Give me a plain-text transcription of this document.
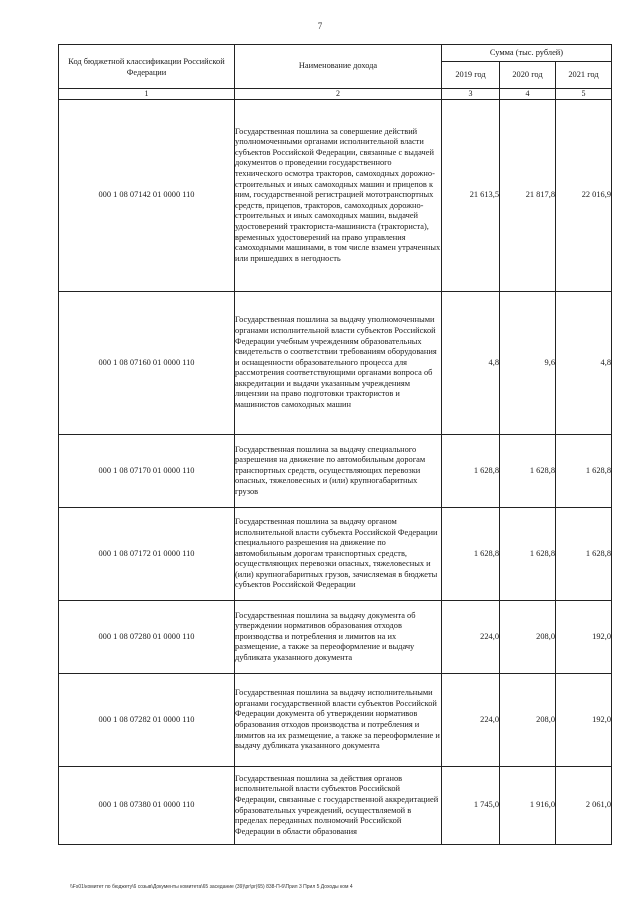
7
Код бюджетной классификации Российской Федерации	Наименование дохода	Сумма (тыс. рублей)		
		2019 год	2020 год	2021 год
1	2	3	4	5
000 1 08 07142 01 0000 110	Государственная пошлина за совершение действий уполномоченными органами исполнительной власти субъектов Российской Федерации, связанные с выдачей документов о проведении государственного технического осмотра тракторов, самоходных дорожно-строительных и иных самоходных машин и прицепов к ним, государственной регистрацией мототранспортных средств, прицепов, тракторов, самоходных дорожно-строительных и иных самоходных машин, выдачей удостоверений тракториста-машиниста (тракториста), временных удостоверений на право управления самоходными машинами, в том числе взамен утраченных или пришедших в негодность	21 613,5	21 817,8	22 016,9
000 1 08 07160 01 0000 110	Государственная пошлина за выдачу уполномоченными органами исполнительной власти субъектов Российской Федерации учебным учреждениям образовательных свидетельств о соответствии требованиям оборудования и оснащенности образовательного процесса для рассмотрения соответствующими органами вопроса об аккредитации и выдачи указанным учреждениям лицензии на право подготовки трактористов и машинистов самоходных машин	4,8	9,6	4,8
000 1 08 07170 01 0000 110	Государственная пошлина за выдачу специального разрешения на движение по автомобильным дорогам транспортных средств, осуществляющих перевозки опасных, тяжеловесных и (или) крупногабаритных грузов	1 628,8	1 628,8	1 628,8
000 1 08 07172 01 0000 110	Государственная пошлина за выдачу органом исполнительной власти субъекта Российской Федерации специального разрешения на движение по автомобильным дорогам транспортных средств, осуществляющих перевозки опасных, тяжеловесных и (или) крупногабаритных грузов, зачисляемая в бюджеты субъектов Российской Федерации	1 628,8	1 628,8	1 628,8
000 1 08 07280 01 0000 110	Государственная пошлина за выдачу документа об утверждении нормативов образования отходов производства и потребления и лимитов на их размещение, а также за переоформление и выдачу дубликата указанного документа	224,0	208,0	192,0
000 1 08 07282 01 0000 110	Государственная пошлина за выдачу исполнительными органами государственной власти субъектов Российской Федерации документа об утверждении нормативов образования отходов производства и потребления и лимитов на их размещение, а также за переоформление и выдачу дубликата указанного документа	224,0	208,0	192,0
000 1 08 07380 01 0000 110	Государственная пошлина за действия органов исполнительной власти субъектов Российской Федерации, связанные с государственной аккредитацией образовательных учреждений, осуществляемой в пределах переданных полномочий Российской Федерации в области образования	1 745,0	1 916,0	2 061,0
\\Fs01\комитет по бюджету\6 созыв\Документы комитета\65 заседание (39)\pr\pr(65) 838-П-6\Прил 3 Прил 5 Доходы ком 4
